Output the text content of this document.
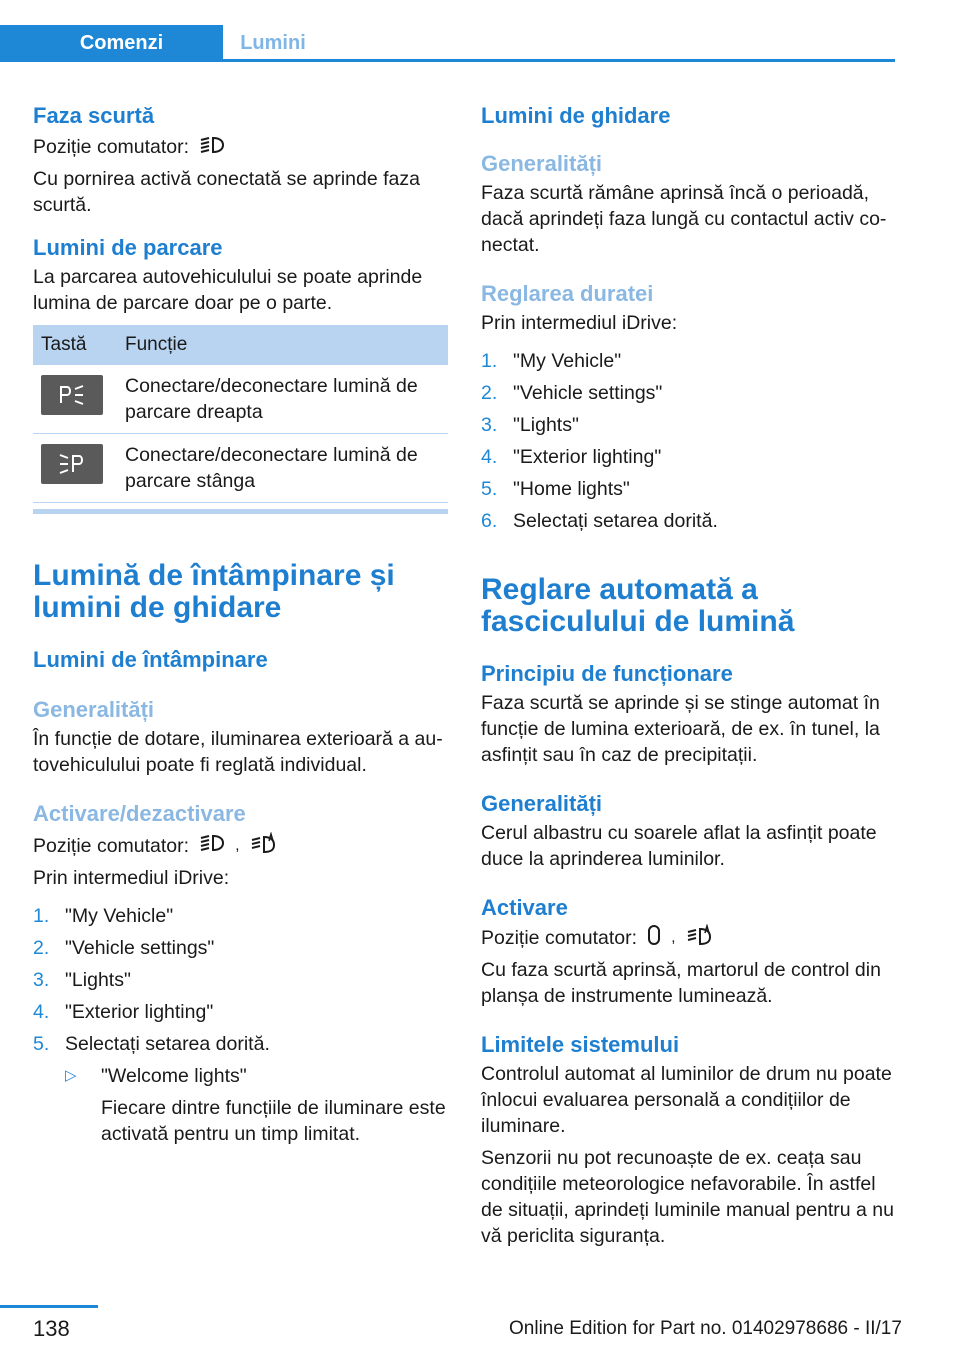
Comenzi	Lumini
Faza scurtă

Poziție comutator:

Cu pornirea activă conectată se aprinde faza scurtă.

Lumini de parcare

La parcarea autovehiculului se poate aprinde lumina de parcare doar pe o parte.

Tastă	Funcție

	Conectare/deconectare lumină de parcare dreapta

	Conectare/deconectare lumină de parcare stânga
Lumină de întâmpinare și lumini de ghidare
Lumini de întâmpinare
Generalități

În funcție de dotare, iluminarea exterioară a autovehiculului poate fi reglată individual.

Activare/dezactivare

Poziție comutator:	,

Prin intermediul iDrive:

1. "My Vehicle"
2. "Vehicle settings"
3. "Lights"
4. "Exterior lighting"
5. Selectați setarea dorită.
▷	"Welcome lights"

Fiecare dintre funcțiile de iluminare este activată pentru un timp limitat.

Lumini de ghidare
Generalități

Faza scurtă rămâne aprinsă încă o perioadă, dacă aprindeți faza lungă cu contactul activ conectat.

Reglarea duratei

Prin intermediul iDrive:

1. "My Vehicle"
2. "Vehicle settings"
3. "Lights"
4. "Exterior lighting"
5. "Home lights"
6. Selectați setarea dorită.
Reglare automată a fasciculului de lumină
Principiu de funcționare

Faza scurtă se aprinde și se stinge automat în funcție de lumina exterioară, de ex. în tunel, la asfințit sau în caz de precipitații.

Generalități

Cerul albastru cu soarele aflat la asfințit poate duce la aprinderea luminilor.

Activare

Poziție comutator: ,

Cu faza scurtă aprinsă, martorul de control din planșa de instrumente luminează.

Limitele sistemului

Controlul automat al luminilor de drum nu poate înlocui evaluarea personală a condițiilor de iluminare.

Senzorii nu pot recunoaște de ex. ceața sau condițiile meteorologice nefavorabile. În astfel de situații, aprindeți luminile manual pentru a nu vă periclita siguranța.

138	Online Edition for Part no. 01402978686 - II/17
